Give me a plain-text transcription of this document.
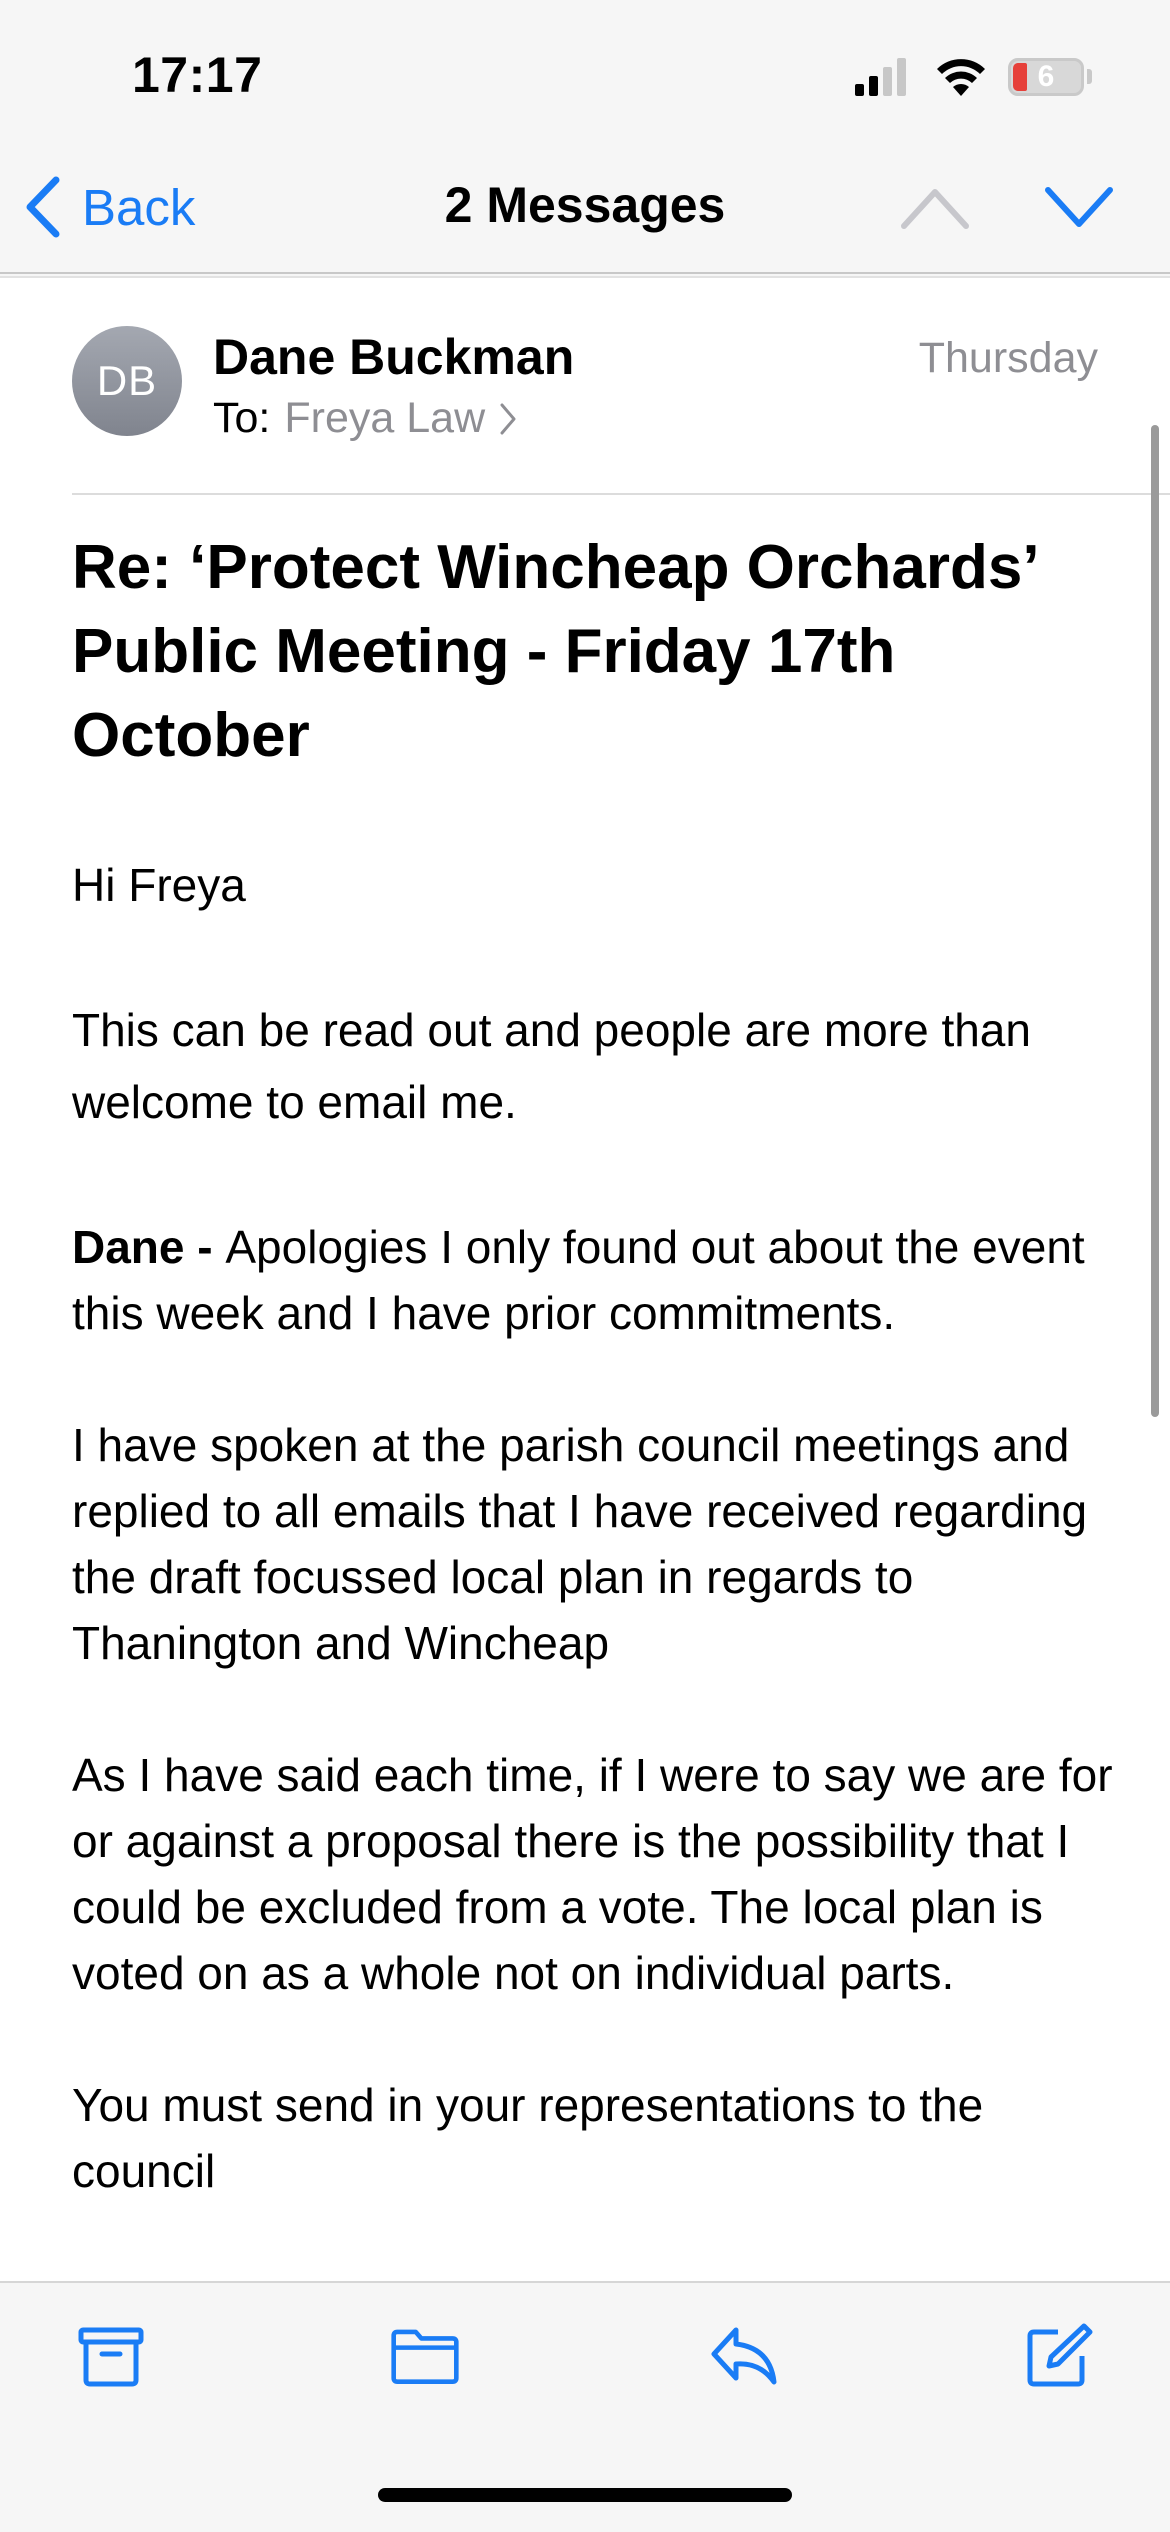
17:17	6
Back	2 Messages
DB	Dane Buckman
To: Freya Law
Thursday
Re: ‘Protect Wincheap Orchards’ Public Meeting - Friday 17th October

Hi Freya

This can be read out and people are more than welcome to email me.

Dane - Apologies I only found out about the event this week and I have prior commitments.

I have spoken at the parish council meetings and replied to all emails that I have received regarding the draft focussed local plan in regards to Thanington and Wincheap

As I have said each time, if I were to say we are for or against a proposal there is the possibility that I could be excluded from a vote. The local plan is voted on as a whole not on individual parts.

You must send in your representations to the council
